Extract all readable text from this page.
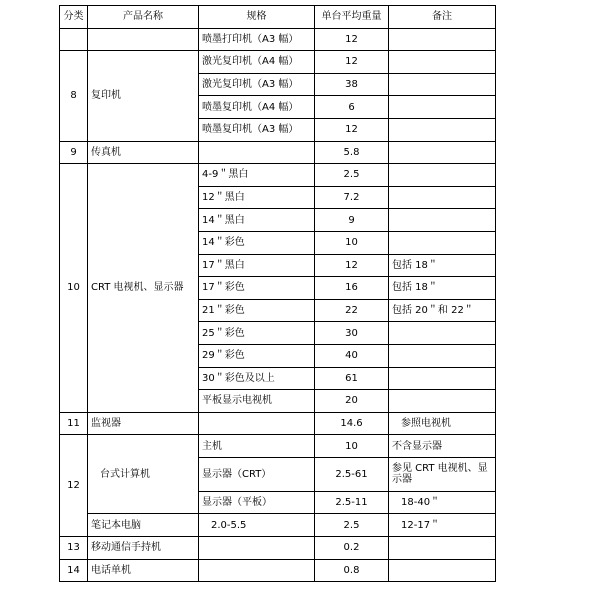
分类	产品名称	规格	单台平均重量	备注
		喷墨打印机（A3 幅）	12	
8	复印机	激光复印机（A4 幅）	12	
		激光复印机（A3 幅）	38	
		喷墨复印机（A4 幅）	6	
		喷墨复印机（A3 幅）	12	
9	传真机		5.8	
10	CRT 电视机、显示器	4-9＂黑白	2.5	
		12＂黑白	7.2	
		14＂黑白	9	
		14＂彩色	10	
		17＂黑白	12	包括 18＂
		17＂彩色	16	包括 18＂
		21＂彩色	22	包括 20＂和 22＂
		25＂彩色	30	
		29＂彩色	40	
		30＂彩色及以上	61	
		平板显示电视机	20	
11	监视器		14.6	参照电视机
12	台式计算机	主机	10	不含显示器
		显示器（CRT）	2.5-61	参见 CRT 电视机、显示器
		显示器（平板）	2.5-11	18-40＂
	笔记本电脑	2.0-5.5	2.5	12-17＂
13	移动通信手持机		0.2	
14	电话单机		0.8	
